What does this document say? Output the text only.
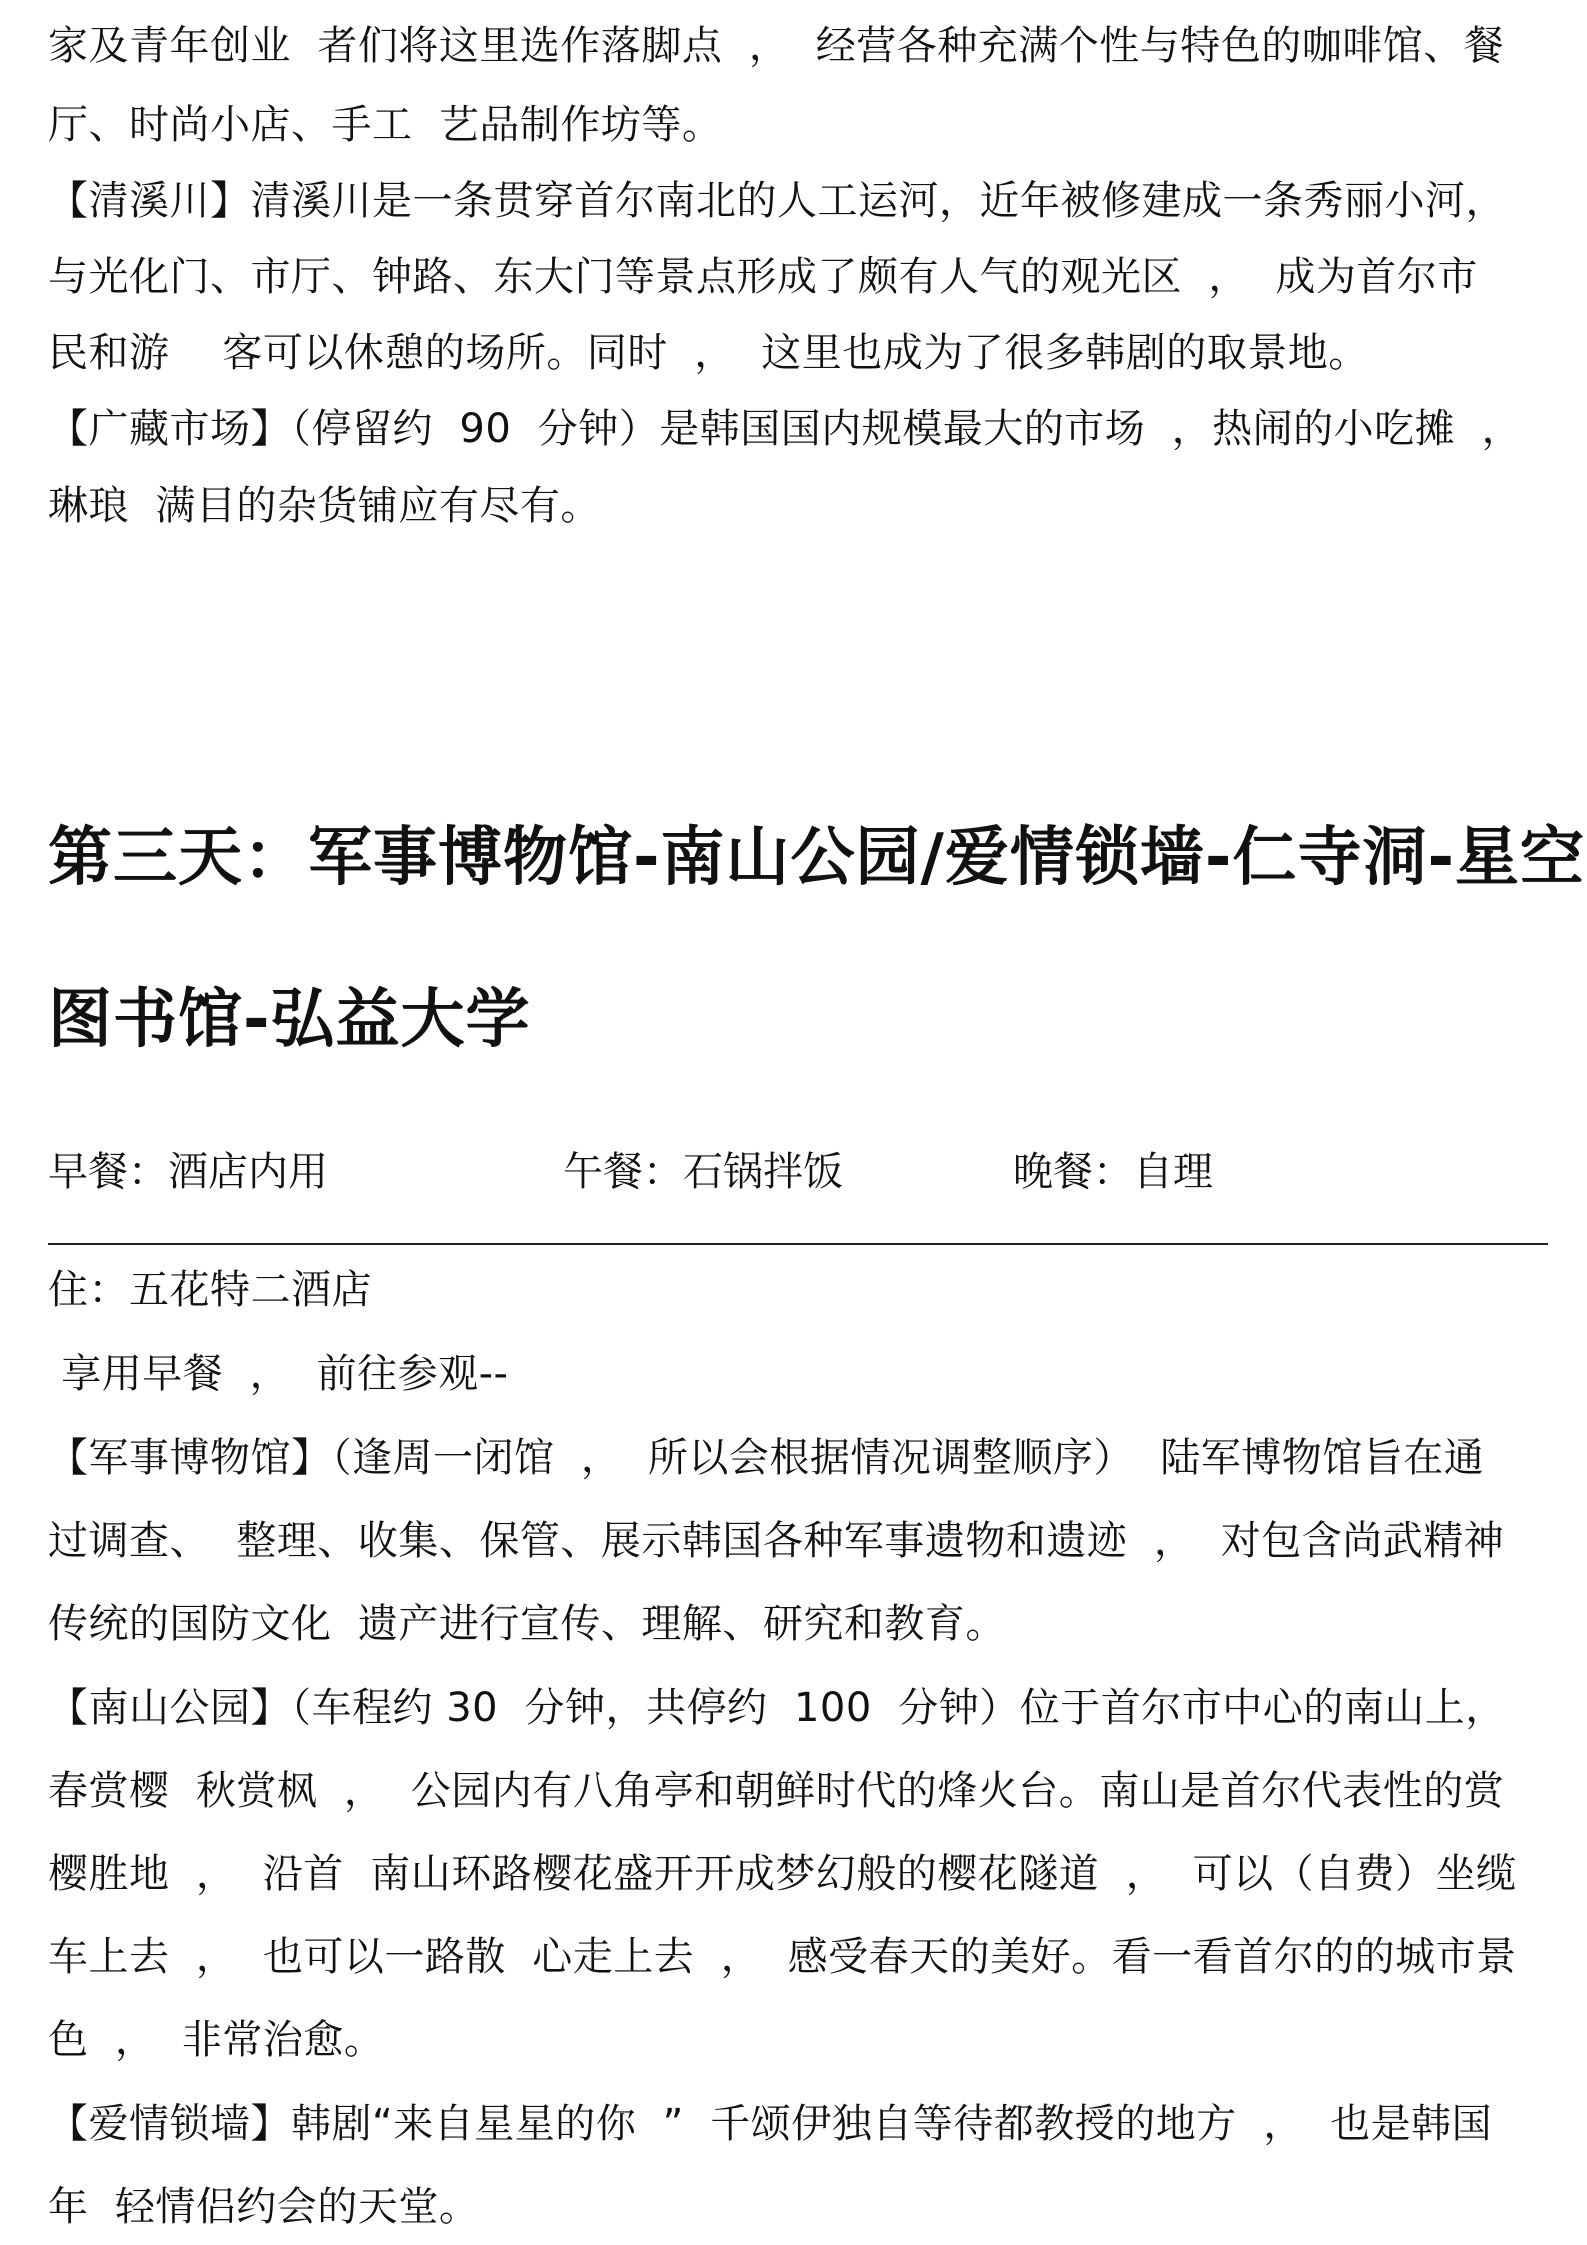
家及青年创业  者们将这里选作落脚点  ，  经营各种充满个性与特色的咖啡馆、餐
厅、时尚小店、手工  艺品制作坊等。
【清溪川】清溪川是一条贯穿首尔南北的人工运河，近年被修建成一条秀丽小河，
与光化门、市厅、钟路、东大门等景点形成了颇有人气的观光区  ，  成为首尔市
民和游    客可以休憩的场所。同时  ，  这里也成为了很多韩剧的取景地。
【广藏市场】（停留约  90  分钟）是韩国国内规模最大的市场  ，热闹的小吃摊  ，
琳琅  满目的杂货铺应有尽有。
第三天：军事博物馆-南山公园/爱情锁墙-仁寺洞-星空
图书馆-弘益大学
早餐：酒店内用	午餐：石锅拌饭	晚餐：自理
住：五花特二酒店
享用早餐  ，  前往参观--
【军事博物馆】（逢周一闭馆  ，  所以会根据情况调整顺序）  陆军博物馆旨在通
过调查、  整理、收集、保管、展示韩国各种军事遗物和遗迹  ，  对包含尚武精神
传统的国防文化  遗产进行宣传、理解、研究和教育。
【南山公园】（车程约 30  分钟，共停约  100  分钟）位于首尔市中心的南山上，
春赏樱  秋赏枫  ，  公园内有八角亭和朝鲜时代的烽火台。南山是首尔代表性的赏
樱胜地  ，  沿首  南山环路樱花盛开开成梦幻般的樱花隧道  ，  可以（自费）坐缆
车上去  ，  也可以一路散  心走上去  ，  感受春天的美好。看一看首尔的的城市景
色  ，  非常治愈。
【爱情锁墙】韩剧“来自星星的你  ”  千颂伊独自等待都教授的地方  ，  也是韩国
年  轻情侣约会的天堂。
